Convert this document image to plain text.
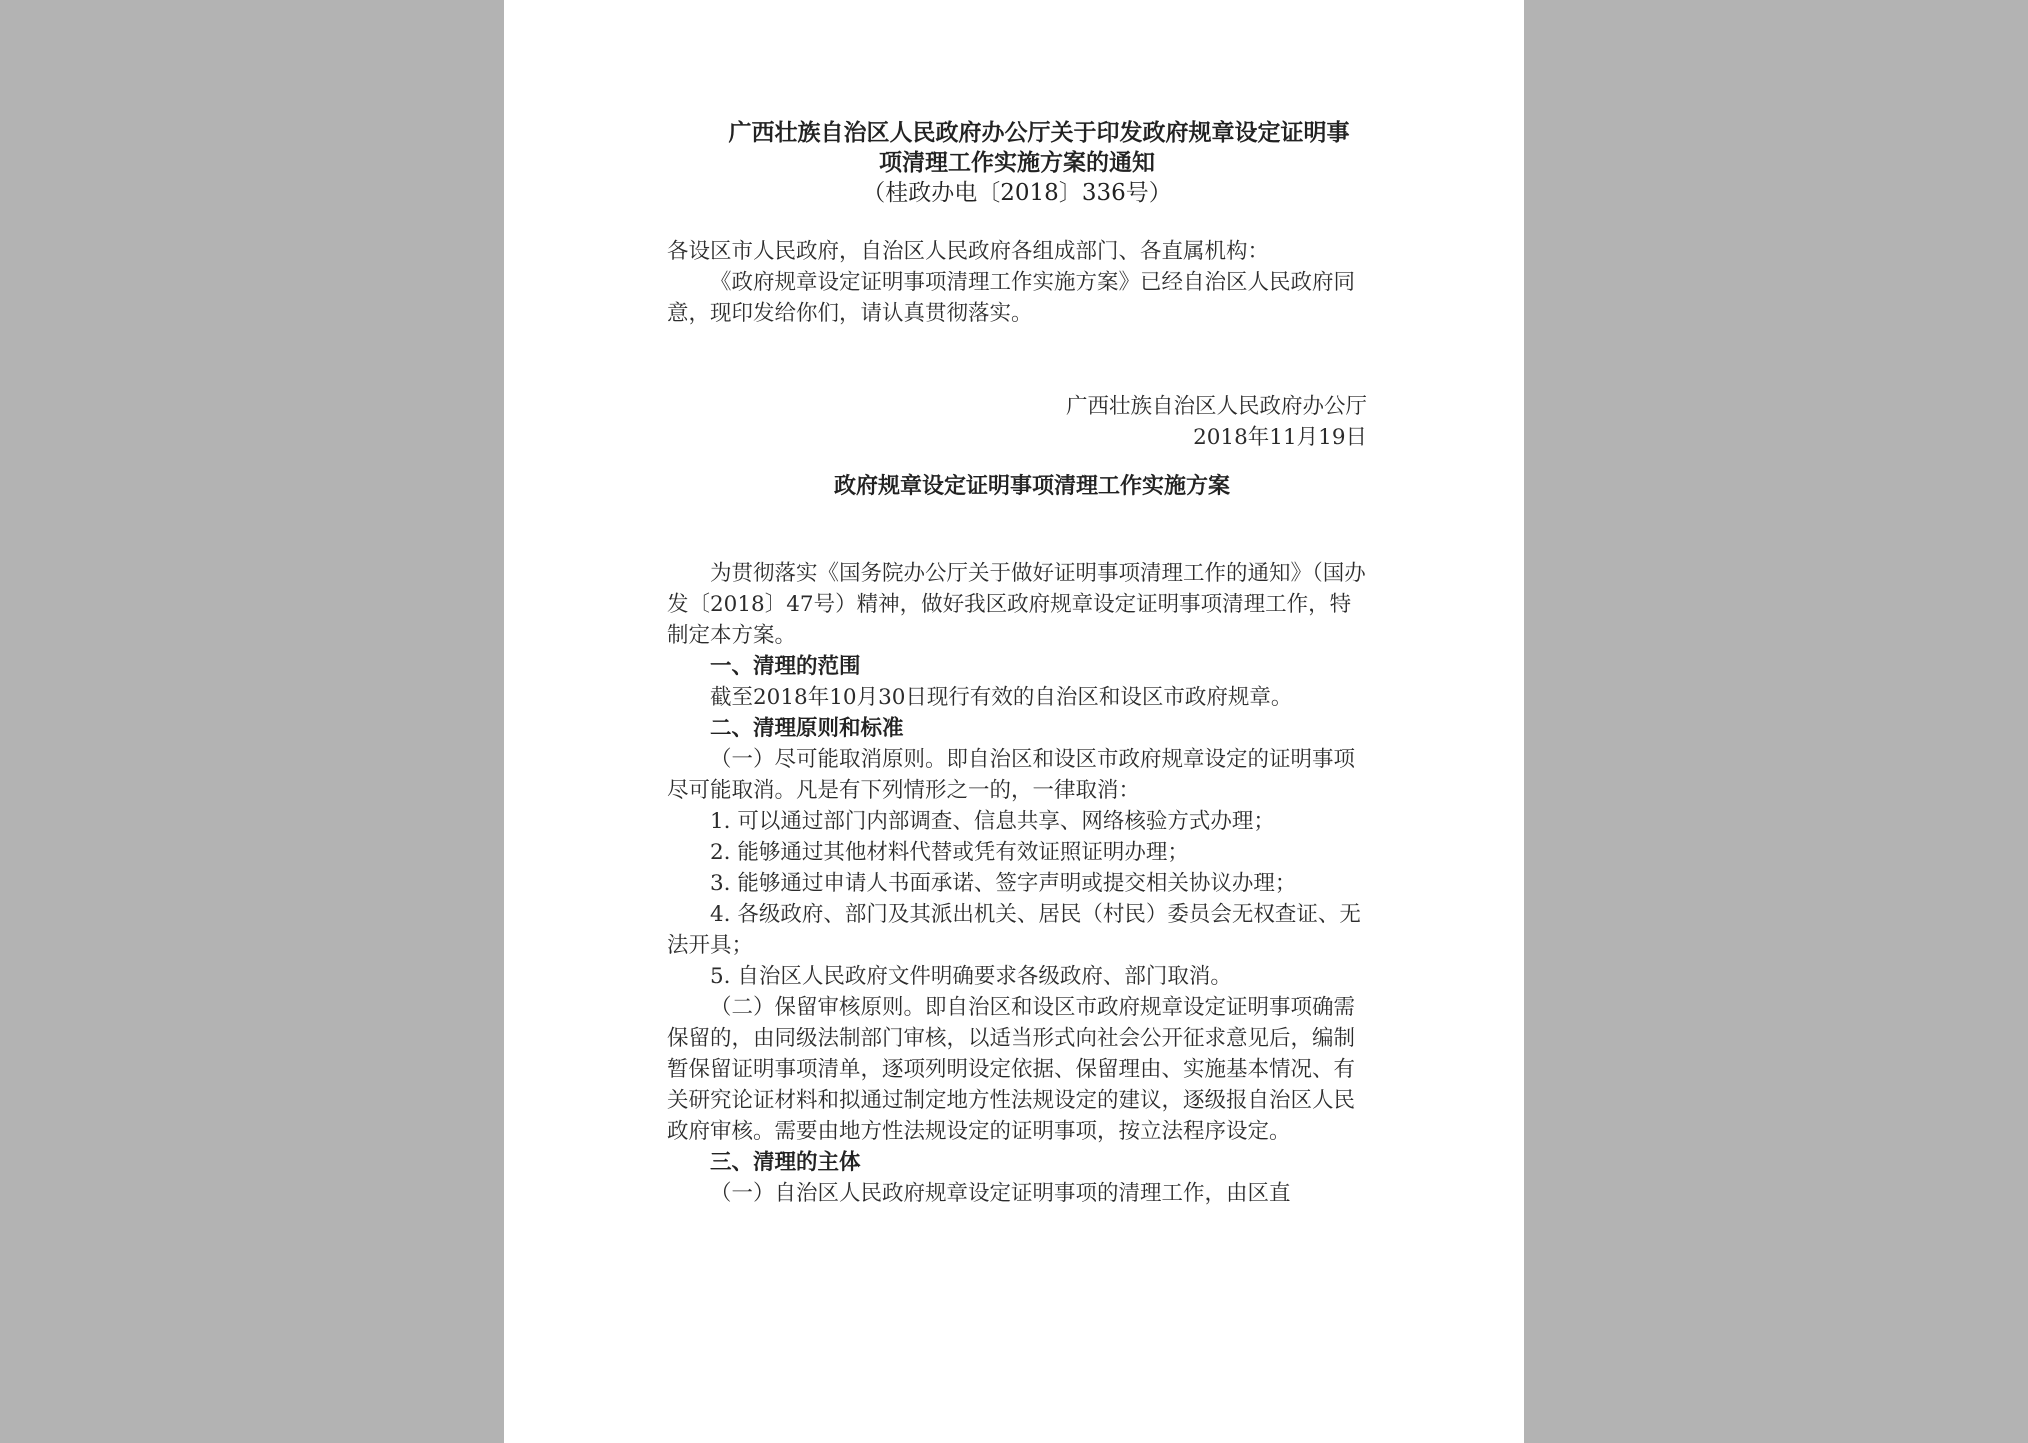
广西壮族自治区人民政府办公厅关于印发政府规章设定证明事
项清理工作实施方案的通知
（桂政办电〔2018〕336号）

各设区市人民政府，自治区人民政府各组成部门、各直属机构：

《政府规章设定证明事项清理工作实施方案》已经自治区人民政府同意，现印发给你们，请认真贯彻落实。

广西壮族自治区人民政府办公厅

2018年11月19日

政府规章设定证明事项清理工作实施方案

为贯彻落实《国务院办公厅关于做好证明事项清理工作的通知》（国办发〔2018〕47号）精神，做好我区政府规章设定证明事项清理工作，特制定本方案。

一、清理的范围

截至2018年10月30日现行有效的自治区和设区市政府规章。

二、清理原则和标准

（一）尽可能取消原则。即自治区和设区市政府规章设定的证明事项尽可能取消。凡是有下列情形之一的，一律取消：

1. 可以通过部门内部调查、信息共享、网络核验方式办理；

2. 能够通过其他材料代替或凭有效证照证明办理；

3. 能够通过申请人书面承诺、签字声明或提交相关协议办理；

4. 各级政府、部门及其派出机关、居民（村民）委员会无权查证、无法开具；

5. 自治区人民政府文件明确要求各级政府、部门取消。

（二）保留审核原则。即自治区和设区市政府规章设定证明事项确需保留的，由同级法制部门审核，以适当形式向社会公开征求意见后，编制暂保留证明事项清单，逐项列明设定依据、保留理由、实施基本情况、有关研究论证材料和拟通过制定地方性法规设定的建议，逐级报自治区人民政府审核。需要由地方性法规设定的证明事项，按立法程序设定。

三、清理的主体

（一）自治区人民政府规章设定证明事项的清理工作，由区直
